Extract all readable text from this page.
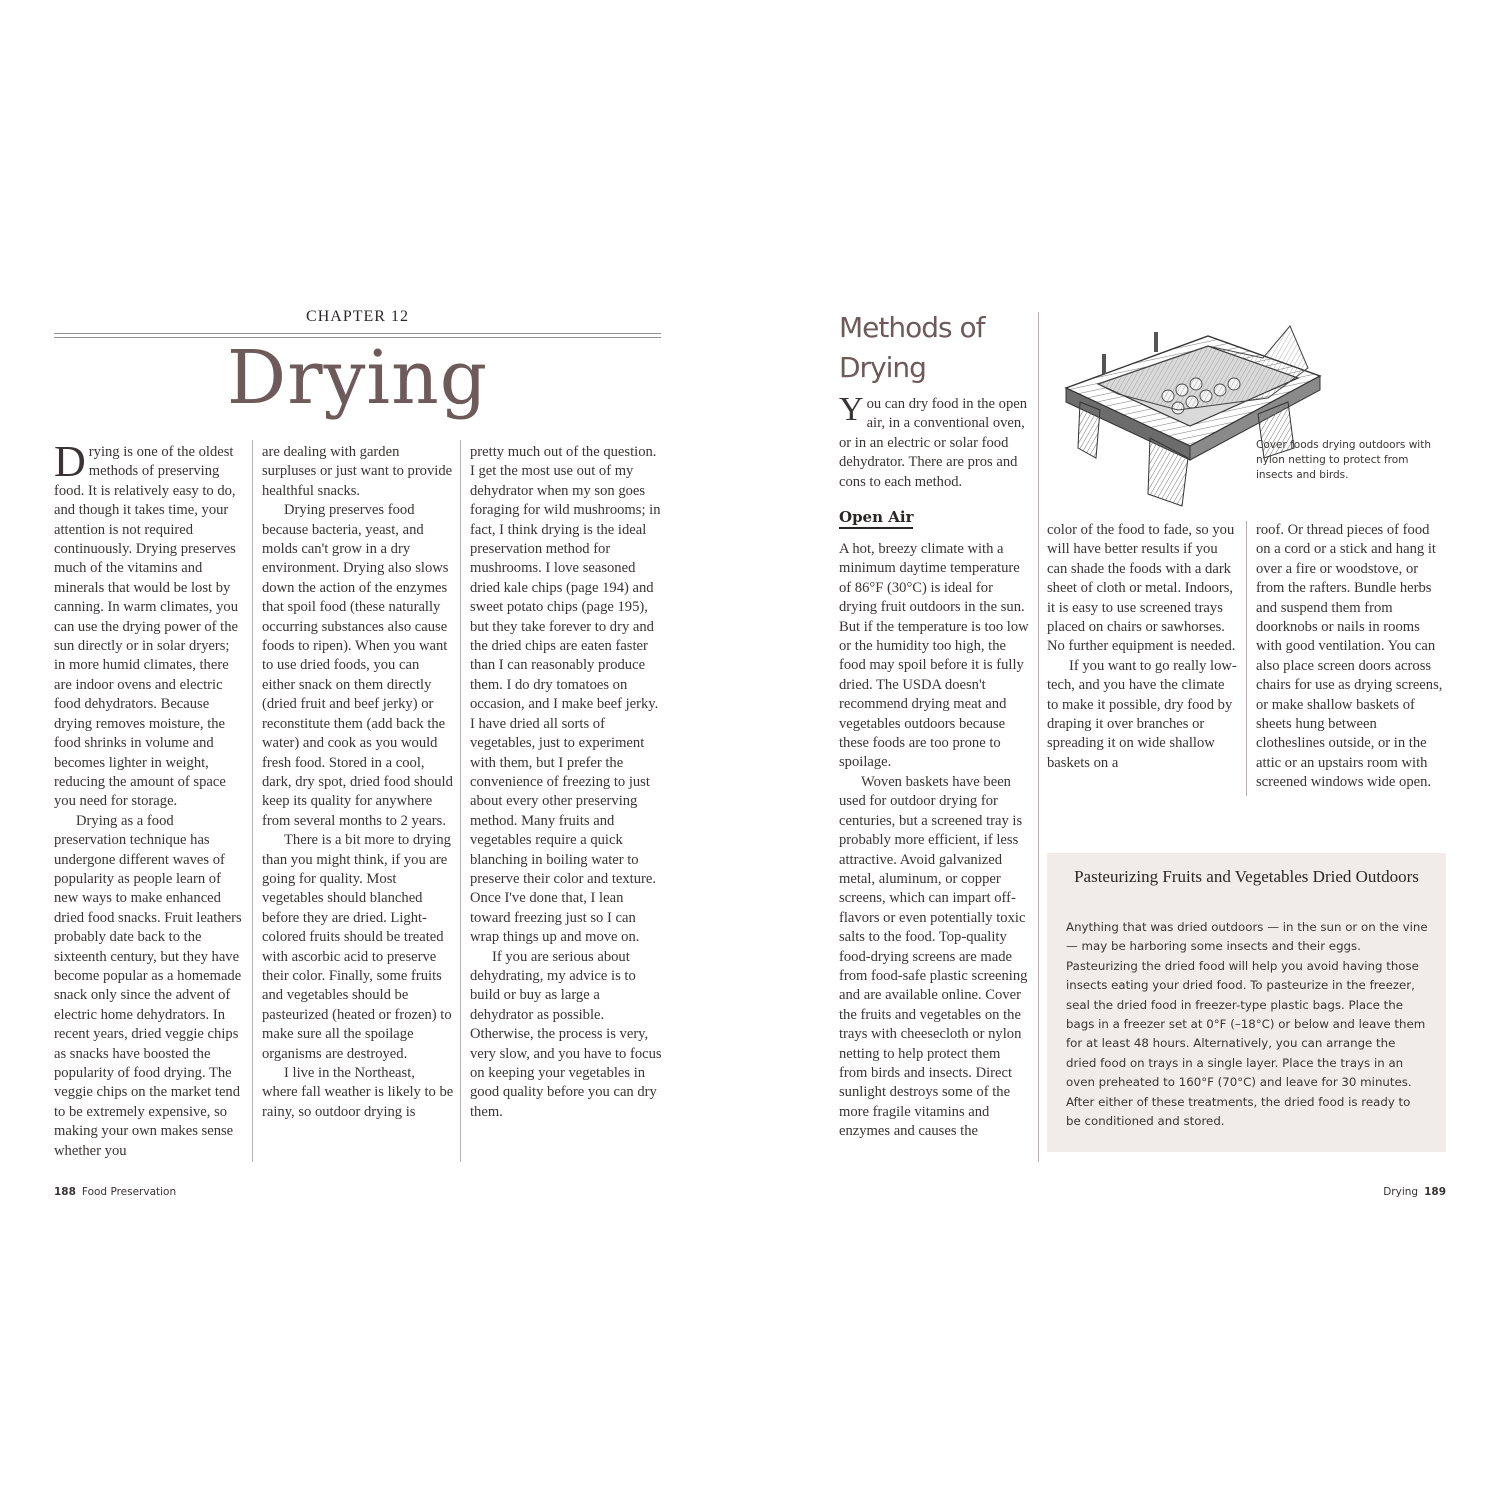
CHAPTER 12
Drying

Drying is one of the oldest methods of preserving food. It is relatively easy to do, and though it takes time, your attention is not required continuously. Drying preserves much of the vitamins and minerals that would be lost by canning. In warm climates, you can use the drying power of the sun directly or in solar dryers; in more humid climates, there are indoor ovens and electric food dehydrators. Because drying removes moisture, the food shrinks in volume and becomes lighter in weight, reducing the amount of space you need for storage.

Drying as a food preservation technique has undergone different waves of popularity as people learn of new ways to make enhanced dried food snacks. Fruit leathers probably date back to the sixteenth century, but they have become popular as a homemade snack only since the advent of electric home dehydrators. In recent years, dried veggie chips as snacks have boosted the popularity of food drying. The veggie chips on the market tend to be extremely expensive, so making your own makes sense whether you

are dealing with garden surpluses or just want to provide healthful snacks.

Drying preserves food because bacteria, yeast, and molds can't grow in a dry environment. Drying also slows down the action of the enzymes that spoil food (these naturally occurring substances also cause foods to ripen). When you want to use dried foods, you can either snack on them directly (dried fruit and beef jerky) or reconstitute them (add back the water) and cook as you would fresh food. Stored in a cool, dark, dry spot, dried food should keep its quality for anywhere from several months to 2 years.

There is a bit more to drying than you might think, if you are going for quality. Most vegetables should blanched before they are dried. Light-colored fruits should be treated with ascorbic acid to preserve their color. Finally, some fruits and vegetables should be pasteurized (heated or frozen) to make sure all the spoilage organisms are destroyed.

I live in the Northeast, where fall weather is likely to be rainy, so outdoor drying is

pretty much out of the question. I get the most use out of my dehydrator when my son goes foraging for wild mushrooms; in fact, I think drying is the ideal preservation method for mushrooms. I love seasoned dried kale chips (page 194) and sweet potato chips (page 195), but they take forever to dry and the dried chips are eaten faster than I can reasonably produce them. I do dry tomatoes on occasion, and I make beef jerky. I have dried all sorts of vegetables, just to experiment with them, but I prefer the convenience of freezing to just about every other preserving method. Many fruits and vegetables require a quick blanching in boiling water to preserve their color and texture. Once I've done that, I lean toward freezing just so I can wrap things up and move on.

If you are serious about dehydrating, my advice is to build or buy as large a dehydrator as possible. Otherwise, the process is very, very slow, and you have to focus on keeping your vegetables in good quality before you can dry them.

188 Food Preservation
Methods of Drying

You can dry food in the open air, in a conventional oven, or in an electric or solar food dehydrator. There are pros and cons to each method.

Cover foods drying outdoors with nylon netting to protect from insects and birds.
Open Air

A hot, breezy climate with a minimum daytime temperature of 86°F (30°C) is ideal for drying fruit outdoors in the sun. But if the temperature is too low or the humidity too high, the food may spoil before it is fully dried. The USDA doesn't recommend drying meat and vegetables outdoors because these foods are too prone to spoilage.

Woven baskets have been used for outdoor drying for centuries, but a screened tray is probably more efficient, if less attractive. Avoid galvanized metal, aluminum, or copper screens, which can impart off-flavors or even potentially toxic salts to the food. Top-quality food-drying screens are made from food-safe plastic screening and are available online. Cover the fruits and vegetables on the trays with cheesecloth or nylon netting to help protect them from birds and insects. Direct sunlight destroys some of the more fragile vitamins and enzymes and causes the

color of the food to fade, so you will have better results if you can shade the foods with a dark sheet of cloth or metal. Indoors, it is easy to use screened trays placed on chairs or sawhorses. No further equipment is needed.

If you want to go really low-tech, and you have the climate to make it possible, dry food by draping it over branches or spreading it on wide shallow baskets on a

roof. Or thread pieces of food on a cord or a stick and hang it over a fire or woodstove, or from the rafters. Bundle herbs and suspend them from doorknobs or nails in rooms with good ventilation. You can also place screen doors across chairs for use as drying screens, or make shallow baskets of sheets hung between clotheslines outside, or in the attic or an upstairs room with screened windows wide open.

Pasteurizing Fruits and Vegetables Dried Outdoors
Anything that was dried outdoors — in the sun or on the vine — may be harboring some insects and their eggs. Pasteurizing the dried food will help you avoid having those insects eating your dried food. To pasteurize in the freezer, seal the dried food in freezer-type plastic bags. Place the bags in a freezer set at 0°F (–18°C) or below and leave them for at least 48 hours. Alternatively, you can arrange the dried food on trays in a single layer. Place the trays in an oven preheated to 160°F (70°C) and leave for 30 minutes. After either of these treatments, the dried food is ready to be conditioned and stored.
Drying 189
